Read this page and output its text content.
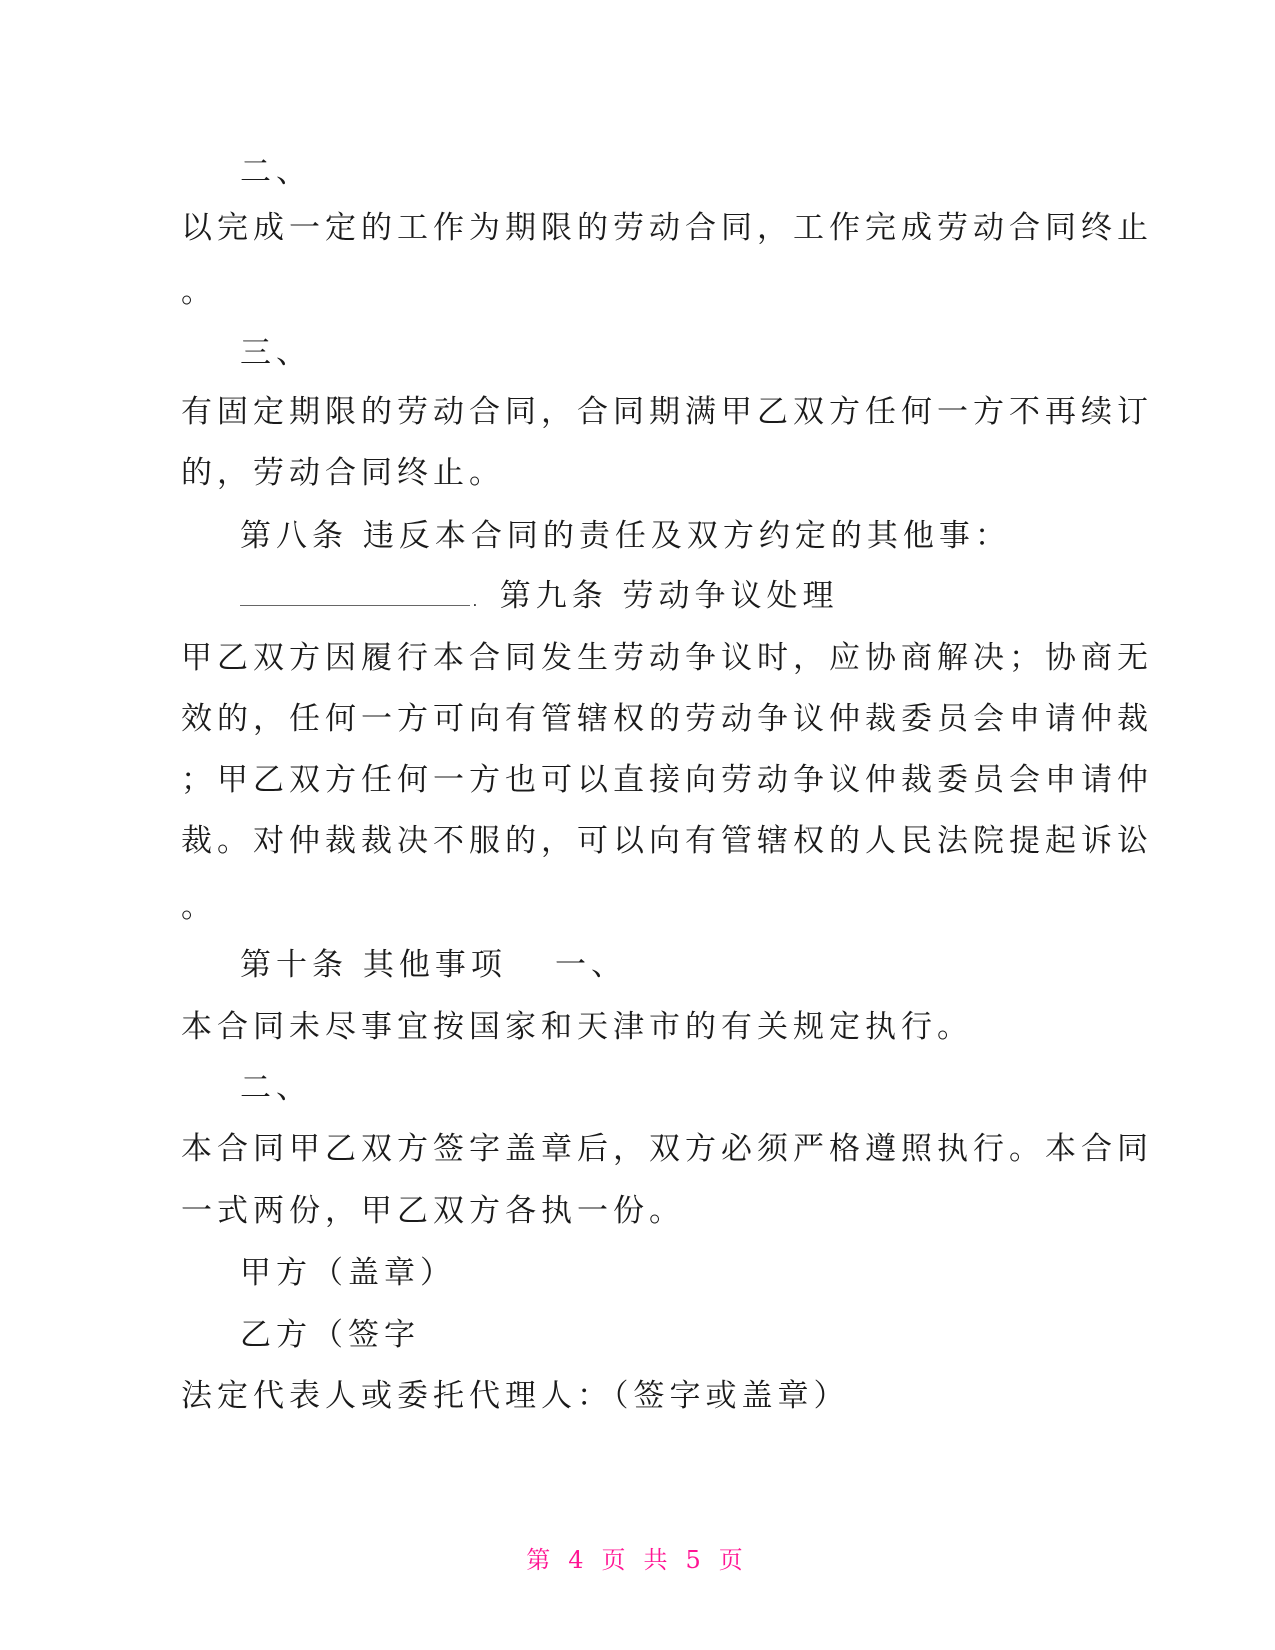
二、
以完成一定的工作为期限的劳动合同，工作完成劳动合同终止
。
三、
有固定期限的劳动合同，合同期满甲乙双方任何一方不再续订
的，劳动合同终止。
第八条 违反本合同的责任及双方约定的其他事：
. 第九条 劳动争议处理
甲乙双方因履行本合同发生劳动争议时，应协商解决；协商无
效的，任何一方可向有管辖权的劳动争议仲裁委员会申请仲裁
；甲乙双方任何一方也可以直接向劳动争议仲裁委员会申请仲
裁。对仲裁裁决不服的，可以向有管辖权的人民法院提起诉讼
。
第十条 其他事项 一、
本合同未尽事宜按国家和天津市的有关规定执行。
二、
本合同甲乙双方签字盖章后，双方必须严格遵照执行。本合同
一式两份，甲乙双方各执一份。
甲方（盖章）
乙方（签字
法定代表人或委托代理人：（签字或盖章）
第 4 页 共 5 页
